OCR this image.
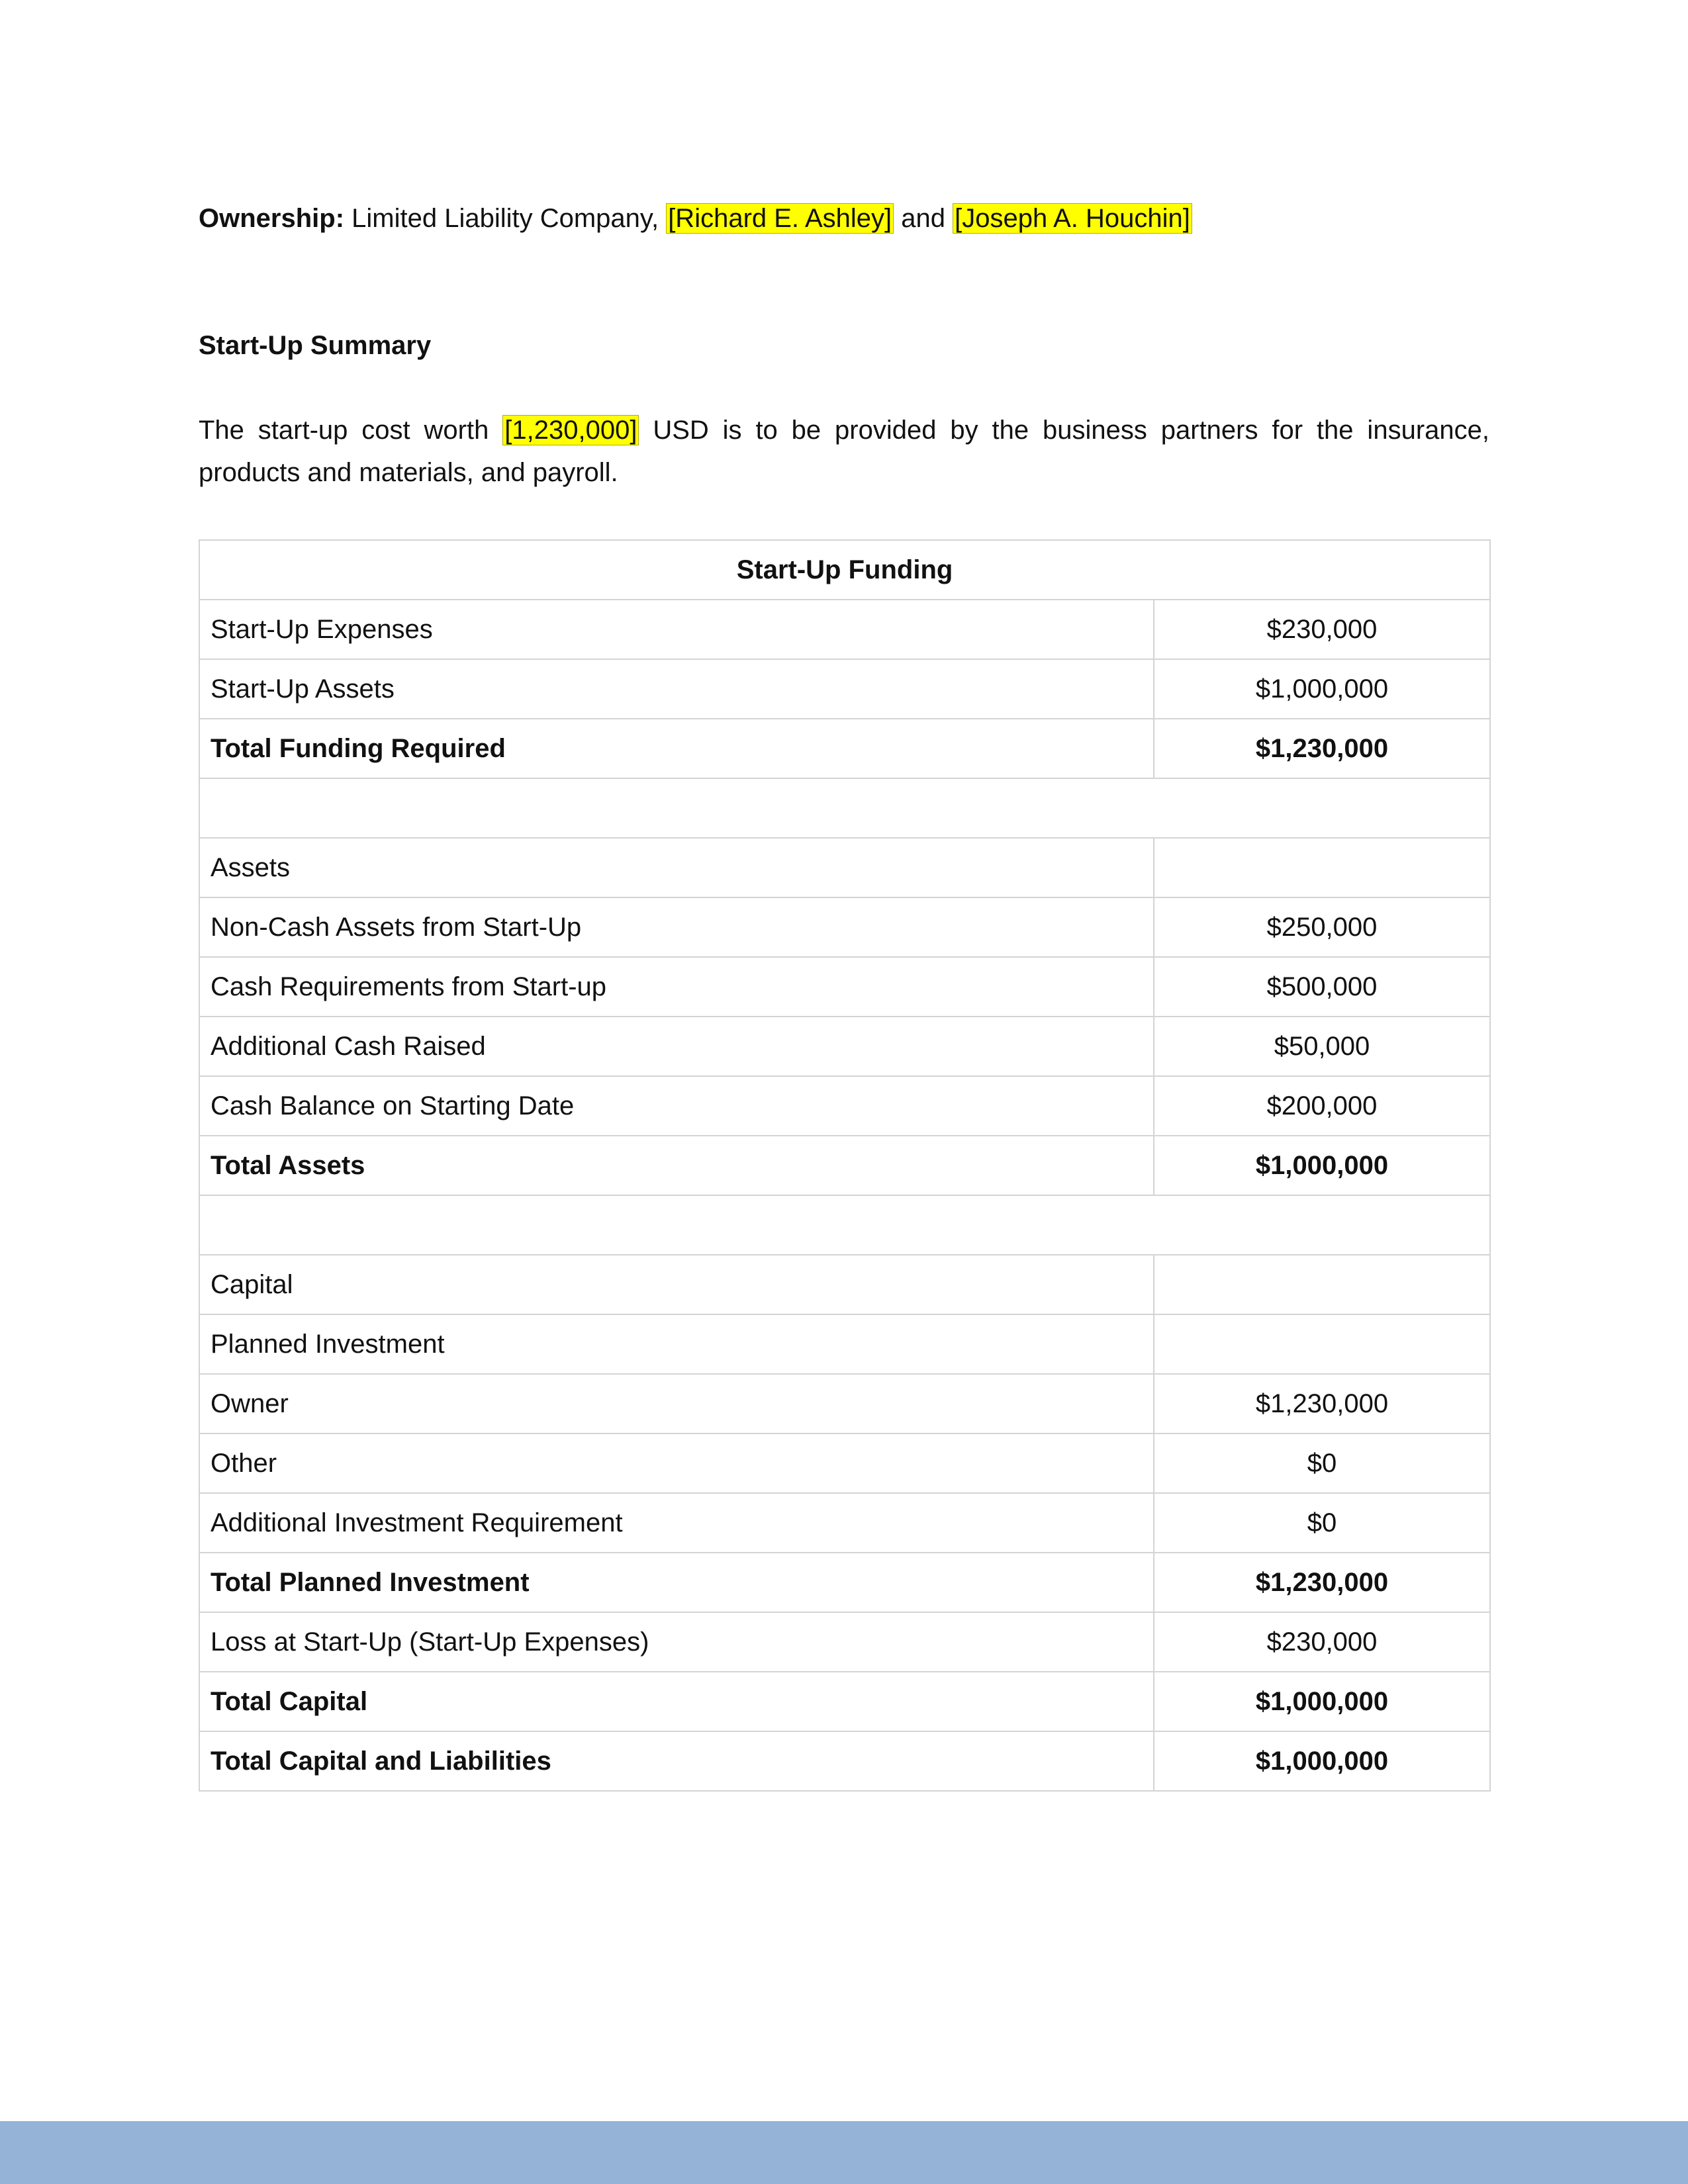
Ownership: Limited Liability Company, [Richard E. Ashley] and [Joseph A. Houchin]
Start-Up Summary
The start-up cost worth [1,230,000] USD is to be provided by the business partners for the insurance, products and materials, and payroll.
Start-Up Funding	
Start-Up Expenses	$230,000
Start-Up Assets	$1,000,000
Total Funding Required	$1,230,000

Assets	
Non-Cash Assets from Start-Up	$250,000
Cash Requirements from Start-up	$500,000
Additional Cash Raised	$50,000
Cash Balance on Starting Date	$200,000
Total Assets	$1,000,000

Capital	
Planned Investment	
Owner	$1,230,000
Other	$0
Additional Investment Requirement	$0
Total Planned Investment	$1,230,000
Loss at Start-Up (Start-Up Expenses)	$230,000
Total Capital	$1,000,000
Total Capital and Liabilities	$1,000,000
